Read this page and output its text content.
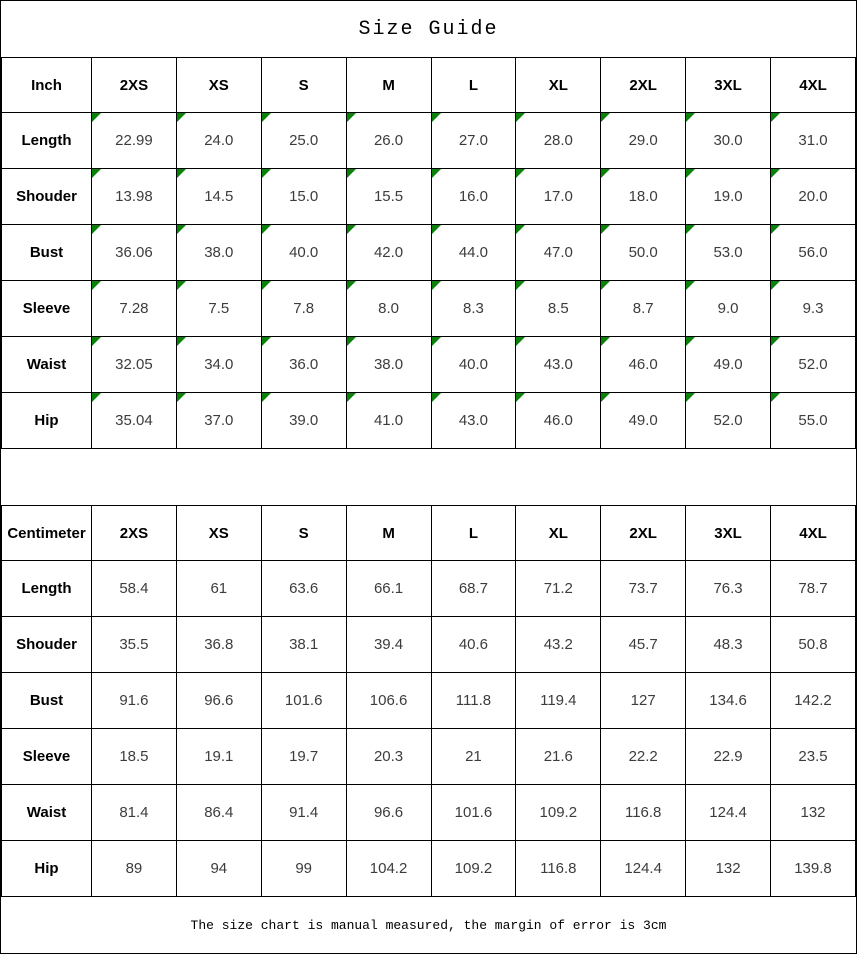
Size Guide
Inch	2XS	XS	S	M	L	XL	2XL	3XL	4XL
Length	22.99	24.0	25.0	26.0	27.0	28.0	29.0	30.0	31.0
Shouder	13.98	14.5	15.0	15.5	16.0	17.0	18.0	19.0	20.0
Bust	36.06	38.0	40.0	42.0	44.0	47.0	50.0	53.0	56.0
Sleeve	7.28	7.5	7.8	8.0	8.3	8.5	8.7	9.0	9.3
Waist	32.05	34.0	36.0	38.0	40.0	43.0	46.0	49.0	52.0
Hip	35.04	37.0	39.0	41.0	43.0	46.0	49.0	52.0	55.0
Centimeter	2XS	XS	S	M	L	XL	2XL	3XL	4XL
Length	58.4	61	63.6	66.1	68.7	71.2	73.7	76.3	78.7
Shouder	35.5	36.8	38.1	39.4	40.6	43.2	45.7	48.3	50.8
Bust	91.6	96.6	101.6	106.6	111.8	119.4	127	134.6	142.2
Sleeve	18.5	19.1	19.7	20.3	21	21.6	22.2	22.9	23.5
Waist	81.4	86.4	91.4	96.6	101.6	109.2	116.8	124.4	132
Hip	89	94	99	104.2	109.2	116.8	124.4	132	139.8
The size chart is manual measured, the margin of error is 3cm
